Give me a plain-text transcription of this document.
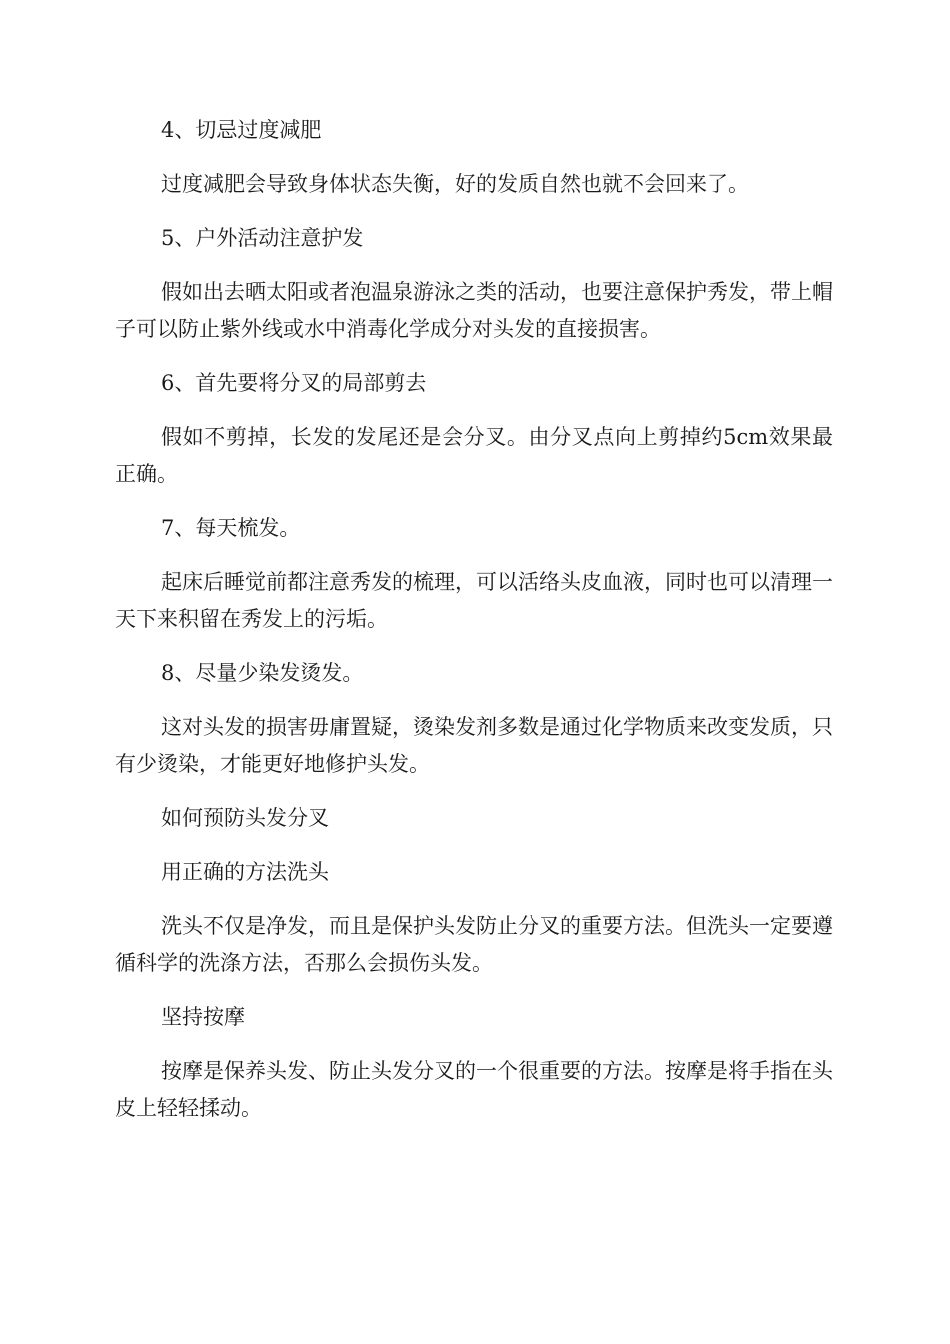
4、切忌过度减肥

过度减肥会导致身体状态失衡，好的发质自然也就不会回来了。

5、户外活动注意护发

假如出去晒太阳或者泡温泉游泳之类的活动，也要注意保护秀发，带上帽子可以防止紫外线或水中消毒化学成分对头发的直接损害。

6、首先要将分叉的局部剪去

假如不剪掉，长发的发尾还是会分叉。由分叉点向上剪掉约5cm效果最正确。

7、每天梳发。

起床后睡觉前都注意秀发的梳理，可以活络头皮血液，同时也可以清理一天下来积留在秀发上的污垢。

8、尽量少染发烫发。

这对头发的损害毋庸置疑，烫染发剂多数是通过化学物质来改变发质，只有少烫染，才能更好地修护头发。

如何预防头发分叉

用正确的方法洗头

洗头不仅是净发，而且是保护头发防止分叉的重要方法。但洗头一定要遵循科学的洗涤方法，否那么会损伤头发。

坚持按摩

按摩是保养头发、防止头发分叉的一个很重要的方法。按摩是将手指在头皮上轻轻揉动。
